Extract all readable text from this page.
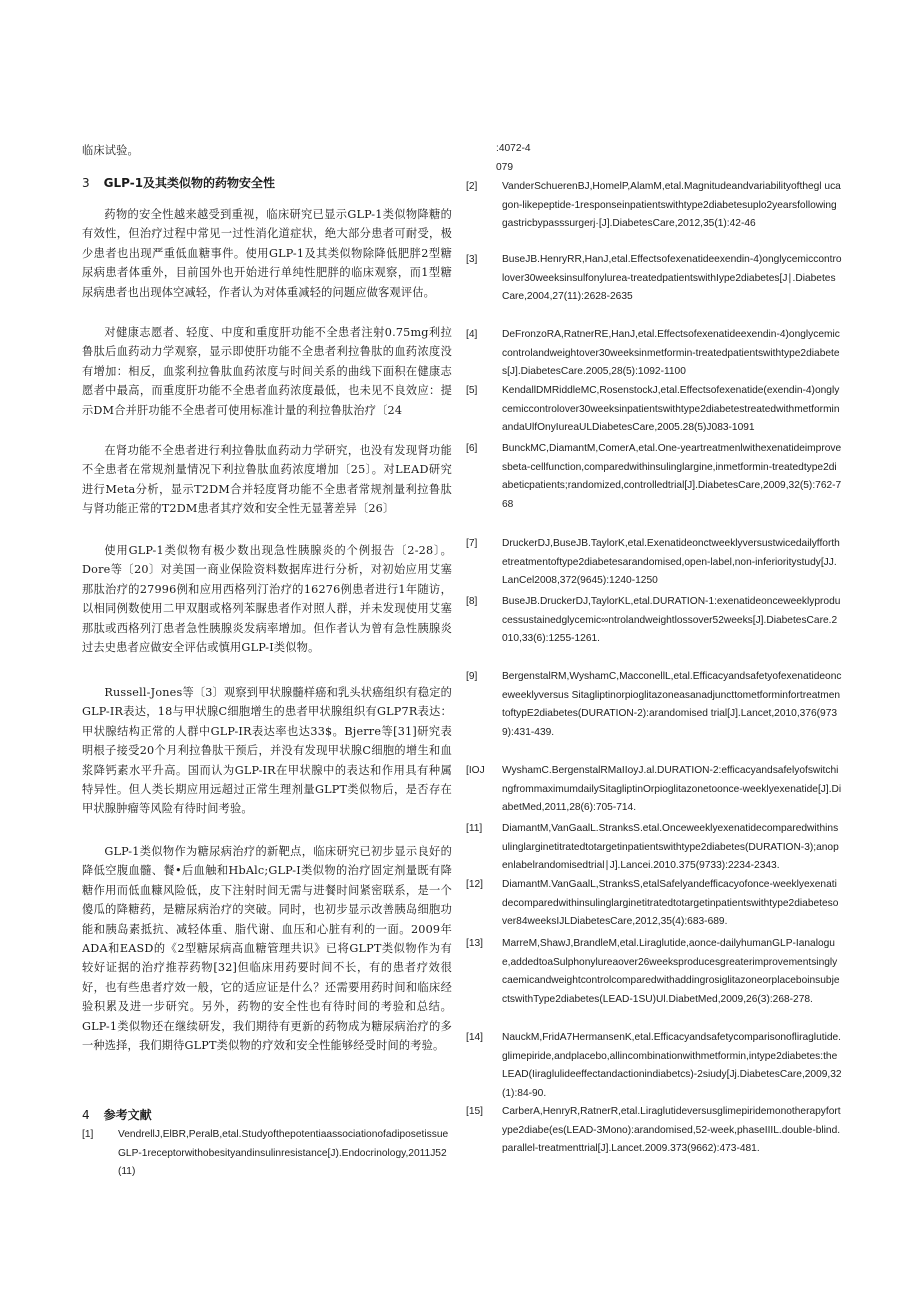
临床试验。
3 GLP-1及其类似物的药物安全性
药物的安全性越来越受到重视，临床研究已显示GLP-1类似物降糖的有效性，但治疗过程中常见一过性消化道症状，绝大部分患者可耐受，极少患者也出现严重低血糖事件。使用GLP-1及其类似物除降低肥胖2型糖尿病患者体重外，目前国外也开始进行单纯性肥胖的临床观察，而1型糖尿病患者也出现体空减轻，作者认为对体重减轻的问题应做客观评估。
对健康志愿者、轻度、中度和重度肝功能不全患者注射0.75mg利拉鲁肽后血药动力学观察，显示即使肝功能不全患者利拉鲁肽的血药浓度没有增加：相反，血浆利拉鲁肽血药浓度与时间关系的曲线下面积在健康志愿者中最高，而重度肝功能不全患者血药浓度最低，也未见不良效应：提示DM合并肝功能不全患者可使用标准计量的利拉鲁肽治疗〔24
在肾功能不全患者进行利拉鲁肽血药动力学研究，也没有发现肾功能不全患者在常规剂量情况下利拉鲁肽血药浓度增加〔25〕。对LEAD研究进行Meta分析，显示T2DM合并轻度肾功能不全患者常规剂量利拉鲁肽与肾功能正常的T2DM患者其疗效和安全性无显著差异〔26〕
使用GLP-1类似物有极少数出现急性胰腺炎的个例报告〔2-28〕。Dore等〔20〕对美国一商业保险资料数据库进行分析，对初始应用艾塞那肽治疗的27996例和应用西格列汀治疗的16276例患者进行1年随访，以相同例数使用二甲双胭或格列苯脲患者作对照人群，并未发现使用艾塞那肽或西格列汀患者急性胰腺炎发病率增加。但作者认为曾有急性胰腺炎过去史患者应做安全评估或慎用GLP-I类似物。
Russell-Jones等〔3〕观察到甲状腺髓样癌和乳头状癌组织有稳定的GLP-IR表达，18与甲状腺C细胞增生的患者甲状腺组织有GLP7R表达：甲状腺结构正常的人群中GLP-IR表达率也达33$。Bjerre等[31]研究表明根子接受20个月利拉鲁肽干预后，并没有发现甲状腺C细胞的增生和血浆降钙素水平升高。国而认为GLP-IR在甲状腺中的表达和作用具有种属特异性。但人类长期应用远超过正常生理剂量GLPT类似物后，是否存在甲状腺肿瘤等风险有待时间考验。
GLP-1类似物作为糖尿病治疗的新靶点，临床研究已初步显示良好的降低空腹血髓、餐•后血触和HbAlc;GLP-I类似物的治疗固定剂量既有降糖作用而低血糠风险低，皮下注射时间无需与进餐时间紧密联系，是一个傻瓜的降糖药，是糖尿病治疗的突破。同时，也初步显示改善胰岛细胞功能和胰岛素抵抗、减轻体重、脂代谢、血压和心脏有利的一面。2009年ADA和EASD的《2型糖尿病高血糖管理共识》已将GLPT类似物作为有较好证据的治疗推荐药物[32]但临床用药要时间不长，有的患者疗效很好，也有些患者疗效一般，它的适应证是什么？还需要用药时间和临床经验积累及进一步研究。另外，药物的安全性也有待时间的考验和总结。GLP-1类似物还在继续研发，我们期待有更新的药物成为糖尿病治疗的多一种选择，我们期待GLPT类似物的疗效和安全性能够经受时间的考验。
4 参考文献
[1]	VendrellJ,ElBR,PeralB,etal.Studyofthepotentiaassociationofadiposetissue GLP-1receptorwithobesityandinsulinresistance[J).Endocrinology,2011J52(11)
:4072-4079
[2]	VanderSchuerenBJ,HomelP,AlamM,etal.Magnitudeandvariabilityofthegl ucagon-likepeptide-1responseinpatientswithtype2diabetesuplo2yearsfollowinggastricbypasssurgerj·[J].DiabetesCare,2012,35(1):42-46
[3]	BuseJB.HenryRR,HanJ,etal.Effectsofexenatideexendin-4)onglycemiccontrolover30weeksinsulfonylurea-treatedpatientswithIype2diabetes[J∣.DiabetesCare,2004,27(11):2628-2635
[4]	DeFronzoRA,RatnerRE,HanJ,etal.Effectsofexenatideexendin-4)onglycemiccontrolandweightover30weeksinmetformin-treatedpatientswithtype2diabetes[J].DiabetesCare.2005,28(5):1092-1100
[5]	KendallDMRiddleMC,RosenstockJ,etal.Effectsofexenatide(exendin-4)onglycemiccontrolover30weeksinpatientswithtype2diabetestreatedwithmetforminandaUlfOnyIureaULDiabetesCare,2005.28(5)J083-1091
[6]	BunckMC,DiamantM,ComerA,etal.One-yeartreatmenlwithexenatideimprovesbeta-cellfunction,comparedwithinsulinglargine,inmetformin-treatedtype2diabeticpatients;randomized,controlledtrial[J].DiabetesCare,2009,32(5):762-768
[7]	DruckerDJ,BuseJB.TaylorK,etal.Exenatideonctweeklyversustwicedailyfforthetreatmentoftype2diabetesarandomised,open-label,non-inferioritystudy[JJ.LanCel2008,372(9645):1240-1250
[8]	BuseJB.DruckerDJ,TaylorKL,etal.DURATION-1:exenatideonceweeklyproducessustainedglycemic∞ntrolandweightlossover52weeks[J].DiabetesCare.2010,33(6):1255-1261.
[9]	BergenstalRM,WyshamC,MacconellL,etal.Efficacyandsafetyofexenatideonceweeklyversus SitagliptinorpioglitazoneasanadjuncttometforminfortreatmentoftypE2diabetes(DURATION-2):arandomised trial[J].Lancet,2010,376(9739):431-439.
[IOJ	WyshamC.BergenstalRMaIIoyJ.al.DURATION-2:efficacyandsafelyofswitchingfrommaximumdailySitagliptinOrpioglitazonetoonce-weeklyexenatide[J].DiabetMed,2011,28(6):705-714.
[11]	DiamantM,VanGaalL.StranksS.etal.Onceweeklyexenatidecomparedwithinsulinglarginetitratedtotargetinpatientswithtype2diabetes(DURATION-3);anopenlabelrandomisedtrial∣J].Lancei.2010.375(9733):2234-2343.
[12]	DiamantM.VanGaalL,StranksS,etalSafelyandefficacyofonce-weeklyexenatidecomparedwithinsulinglarginetitratedtotargetinpatientswithtype2diabetesover84weeksIJLDiabetesCare,2012,35(4):683-689.
[13]	MarreM,ShawJ,BrandleM,etal.Liraglutide,aonce-dailyhumanGLP-Ianalogue,addedtoaSulphonylureaover26weeksproducesgreaterimprovementsinglycaemicandweightcontrolcomparedwithaddingrosiglitazoneorplaceboinsubjectswithType2diabetes(LEAD-1SU)Ul.DiabetMed,2009,26(3):268-278.
[14]	NauckM,FridA7HermansenK,etal.Efficacyandsafetycomparisonofliraglutide.glimepiride,andplacebo,allincombinationwithmetformin,intype2diabetes:theLEAD(Iiraglulideeffectandactionindiabetcs)-2siudy[Jj.DiabetesCare,2009,32(1):84-90.
[15]	CarberA,HenryR,RatnerR,etal.Liraglutideversusglimepiridemonotherapyfortype2diabe(es(LEAD-3Mono):arandomised,52-week,phaseIIIL.double-blind.parallel-treatmenttrial[J].Lancet.2009.373(9662):473-481.
